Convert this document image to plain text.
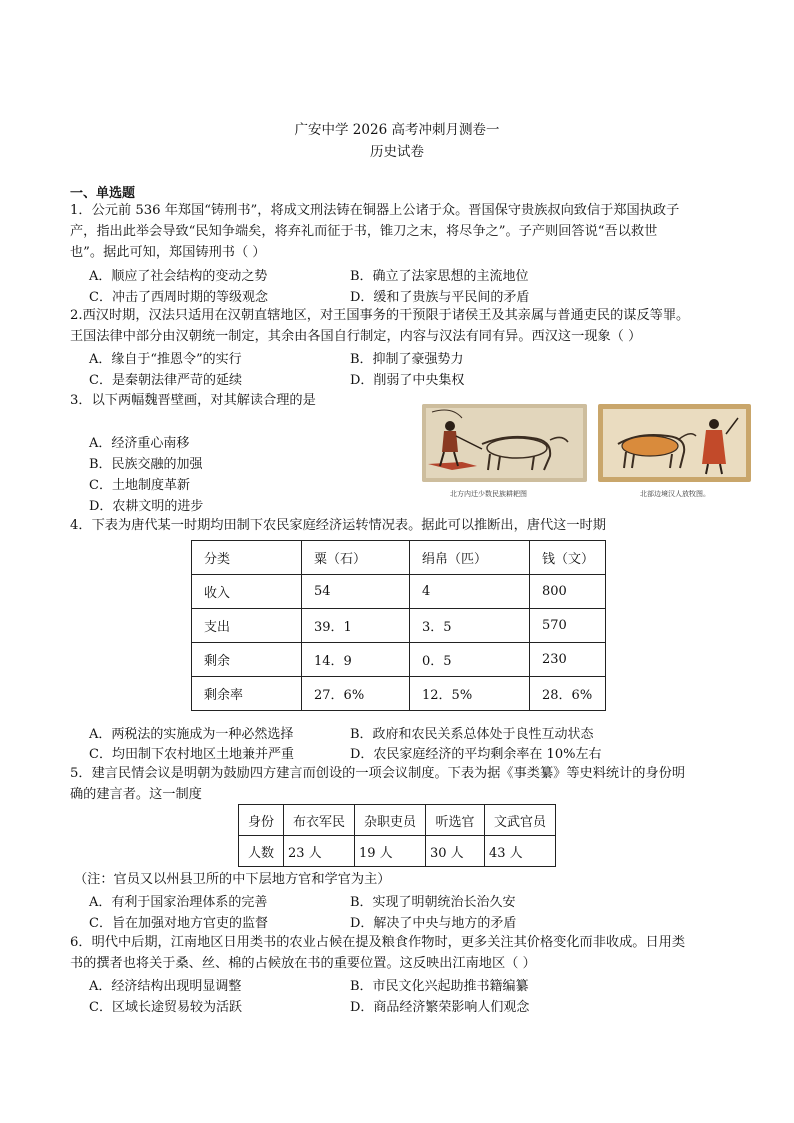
广安中学 2026 高考冲刺月测卷一
历史试卷
一、单选题
1．公元前 536 年郑国“铸刑书”，将成文刑法铸在铜器上公诸于众。晋国保守贵族叔向致信于郑国执政子
产，指出此举会导致“民知争端矣，将弃礼而征于书，锥刀之末，将尽争之”。子产则回答说“吾以救世
也”。据此可知，郑国铸刑书（ ）
A．顺应了社会结构的变动之势	B．确立了法家思想的主流地位
C．冲击了西周时期的等级观念	D．缓和了贵族与平民间的矛盾
2.西汉时期，汉法只适用在汉朝直辖地区，对王国事务的干预限于诸侯王及其亲属与普通吏民的谋反等罪。
王国法律中部分由汉朝统一制定，其余由各国自行制定，内容与汉法有同有异。西汉这一现象（ ）
A．缘自于“推恩令”的实行	B．抑制了豪强势力
C．是秦朝法律严苛的延续	D．削弱了中央集权
3．以下两幅魏晋壁画，对其解读合理的是
A．经济重心南移
B．民族交融的加强
C．土地制度革新
D．农耕文明的进步
北方内迁少数民族耕耙图	北部边境汉人放牧图。
4．下表为唐代某一时期均田制下农民家庭经济运转情况表。据此可以推断出，唐代这一时期
分类	粟（石）	绢帛（匹）	钱（文）
收入	54	4	800
支出	39．1	3．5	570
剩余	14．9	0．5	230
剩余率	27．6%	12．5%	28．6%
A．两税法的实施成为一种必然选择	B．政府和农民关系总体处于良性互动状态
C．均田制下农村地区土地兼并严重	D．农民家庭经济的平均剩余率在 10%左右
5．建言民情会议是明朝为鼓励四方建言而创设的一项会议制度。下表为据《事类纂》等史料统计的身份明
确的建言者。这一制度
身份	布衣军民	杂职吏员	听选官	文武官员
人数	23 人	19 人	30 人	43 人
（注：官员又以州县卫所的中下层地方官和学官为主）
A．有利于国家治理体系的完善	B．实现了明朝统治长治久安
C．旨在加强对地方官吏的监督	D．解决了中央与地方的矛盾
6．明代中后期，江南地区日用类书的农业占候在提及粮食作物时，更多关注其价格变化而非收成。日用类
书的撰者也将关于桑、丝、棉的占候放在书的重要位置。这反映出江南地区（ ）
A．经济结构出现明显调整	B．市民文化兴起助推书籍编纂
C．区域长途贸易较为活跃	D．商品经济繁荣影响人们观念
